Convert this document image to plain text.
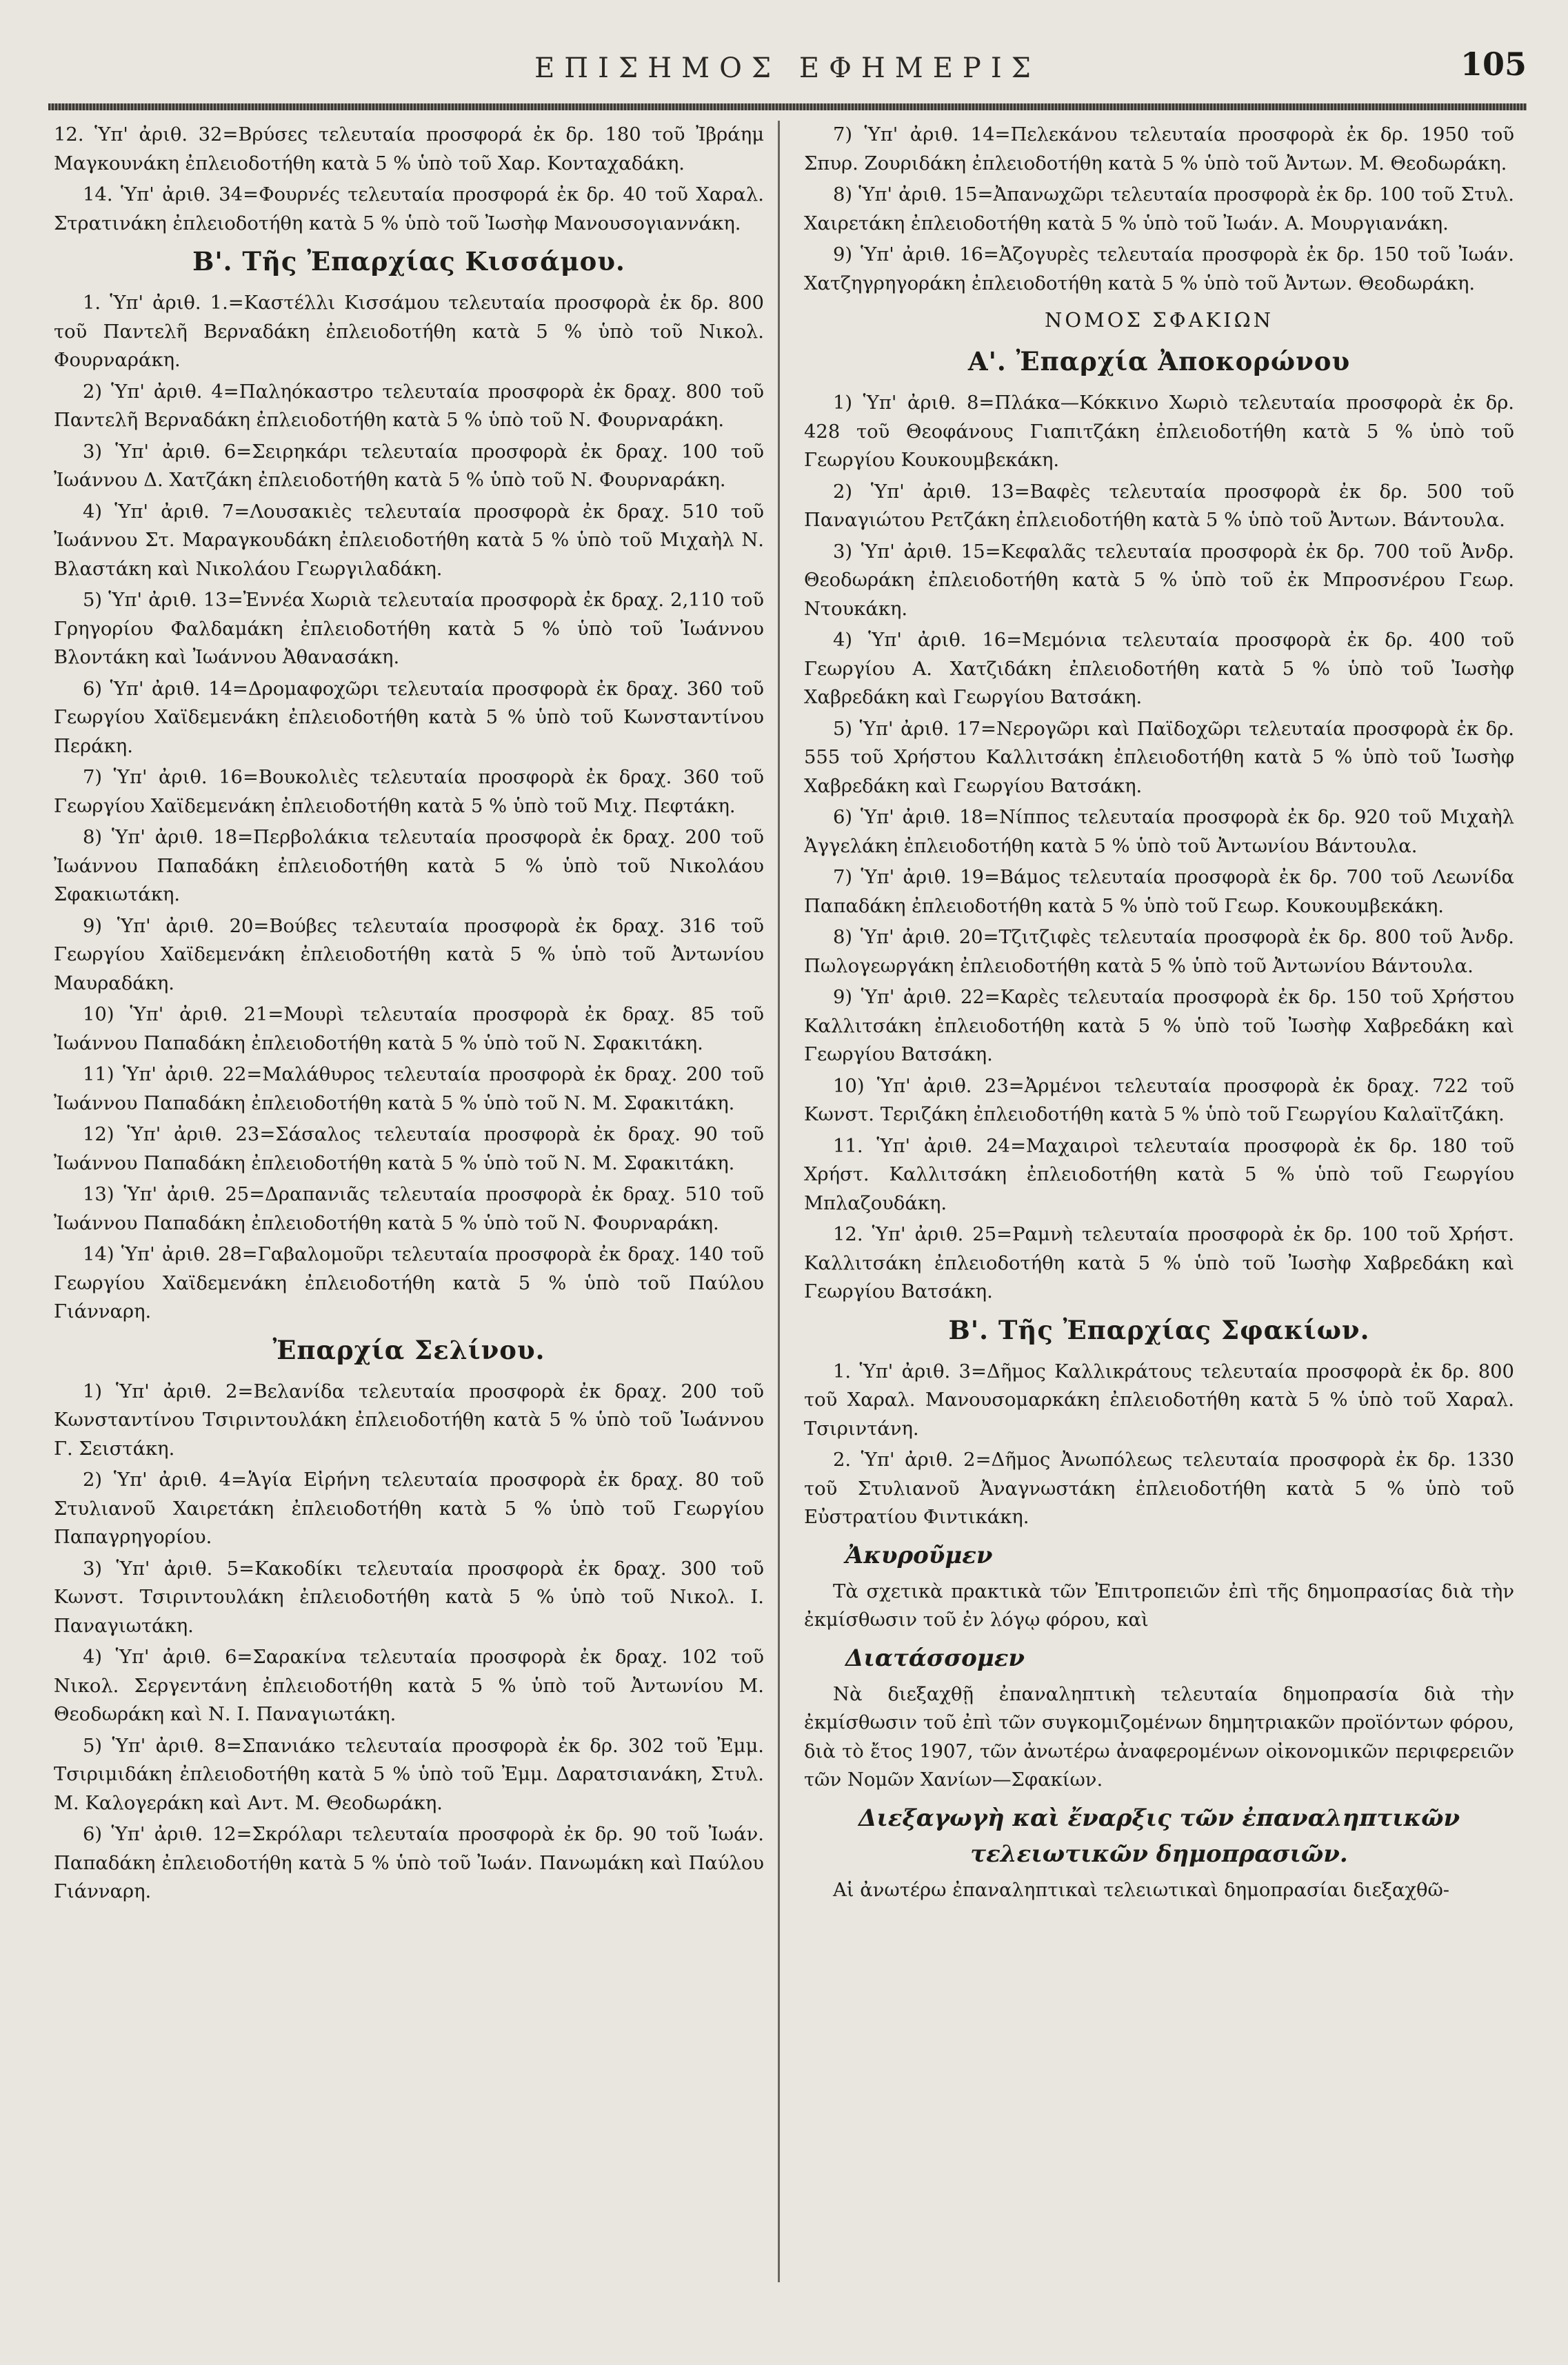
ΕΠΙΣΗΜΟΣ ΕΦΗΜΕΡΙΣ	105

12. Ὑπ' ἀριθ. 32=Βρύσες τελευταία προσφορά ἐκ δρ. 180 τοῦ Ἰβράημ Μαγκουνάκη ἐπλειοδοτήθη κατὰ 5 % ὑπὸ τοῦ Χαρ. Κονταχαδάκη.

14. Ὑπ' ἀριθ. 34=Φουρνές τελευταία προσφορά ἐκ δρ. 40 τοῦ Χαραλ. Στρατινάκη ἐπλειοδοτήθη κατὰ 5 % ὑπὸ τοῦ Ἰωσὴφ Μανουσογιαννάκη.

Β'. Τῆς Ἐπαρχίας Κισσάμου.

1. Ὑπ' ἀριθ. 1.=Καστέλλι Κισσάμου τελευταία προσφορὰ ἐκ δρ. 800 τοῦ Παντελῆ Βερναδάκη ἐπλειοδοτήθη κατὰ 5 % ὑπὸ τοῦ Νικολ. Φουρναράκη.

2) Ὑπ' ἀριθ. 4=Παληόκαστρο τελευταία προσφορὰ ἐκ δραχ. 800 τοῦ Παντελῆ Βερναδάκη ἐπλειοδοτήθη κατὰ 5 % ὑπὸ τοῦ Ν. Φουρναράκη.

3) Ὑπ' ἀριθ. 6=Σειρηκάρι τελευταία προσφορὰ ἐκ δραχ. 100 τοῦ Ἰωάννου Δ. Χατζάκη ἐπλειοδοτήθη κατὰ 5 % ὑπὸ τοῦ Ν. Φουρναράκη.

4) Ὑπ' ἀριθ. 7=Λουσακιὲς τελευταία προσφορὰ ἐκ δραχ. 510 τοῦ Ἰωάννου Στ. Μαραγκουδάκη ἐπλειοδοτήθη κατὰ 5 % ὑπὸ τοῦ Μιχαὴλ Ν. Βλαστάκη καὶ Νικολάου Γεωργιλαδάκη.

5) Ὑπ' ἀριθ. 13=Ἐννέα Χωριὰ τελευταία προσφορὰ ἐκ δραχ. 2,110 τοῦ Γρηγορίου Φαλδαμάκη ἐπλειοδοτήθη κατὰ 5 % ὑπὸ τοῦ Ἰωάννου Βλοντάκη καὶ Ἰωάννου Ἀθανασάκη.

6) Ὑπ' ἀριθ. 14=Δρομαφοχῶρι τελευταία προσφορὰ ἐκ δραχ. 360 τοῦ Γεωργίου Χαϊδεμενάκη ἐπλειοδοτήθη κατὰ 5 % ὑπὸ τοῦ Κωνσταντίνου Περάκη.

7) Ὑπ' ἀριθ. 16=Βουκολιὲς τελευταία προσφορὰ ἐκ δραχ. 360 τοῦ Γεωργίου Χαϊδεμενάκη ἐπλειοδοτήθη κατὰ 5 % ὑπὸ τοῦ Μιχ. Πεφτάκη.

8) Ὑπ' ἀριθ. 18=Περβολάκια τελευταία προσφορὰ ἐκ δραχ. 200 τοῦ Ἰωάννου Παπαδάκη ἐπλειοδοτήθη κατὰ 5 % ὑπὸ τοῦ Νικολάου Σφακιωτάκη.

9) Ὑπ' ἀριθ. 20=Βούβες τελευταία προσφορὰ ἐκ δραχ. 316 τοῦ Γεωργίου Χαϊδεμενάκη ἐπλειοδοτήθη κατὰ 5 % ὑπὸ τοῦ Ἀντωνίου Μαυραδάκη.

10) Ὑπ' ἀριθ. 21=Μουρὶ τελευταία προσφορὰ ἐκ δραχ. 85 τοῦ Ἰωάννου Παπαδάκη ἐπλειοδοτήθη κατὰ 5 % ὑπὸ τοῦ Ν. Σφακιτάκη.

11) Ὑπ' ἀριθ. 22=Μαλάθυρος τελευταία προσφορὰ ἐκ δραχ. 200 τοῦ Ἰωάννου Παπαδάκη ἐπλειοδοτήθη κατὰ 5 % ὑπὸ τοῦ Ν. Μ. Σφακιτάκη.

12) Ὑπ' ἀριθ. 23=Σάσαλος τελευταία προσφορὰ ἐκ δραχ. 90 τοῦ Ἰωάννου Παπαδάκη ἐπλειοδοτήθη κατὰ 5 % ὑπὸ τοῦ Ν. Μ. Σφακιτάκη.

13) Ὑπ' ἀριθ. 25=Δραπανιᾶς τελευταία προσφορὰ ἐκ δραχ. 510 τοῦ Ἰωάννου Παπαδάκη ἐπλειοδοτήθη κατὰ 5 % ὑπὸ τοῦ Ν. Φουρναράκη.

14) Ὑπ' ἀριθ. 28=Γαβαλομοῦρι τελευταία προσφορὰ ἐκ δραχ. 140 τοῦ Γεωργίου Χαϊδεμενάκη ἐπλειοδοτήθη κατὰ 5 % ὑπὸ τοῦ Παύλου Γιάνναρη.

Ἐπαρχία Σελίνου.

1) Ὑπ' ἀριθ. 2=Βελανίδα τελευταία προσφορὰ ἐκ δραχ. 200 τοῦ Κωνσταντίνου Τσιριντουλάκη ἐπλειοδοτήθη κατὰ 5 % ὑπὸ τοῦ Ἰωάννου Γ. Σειστάκη.

2) Ὑπ' ἀριθ. 4=Ἁγία Εἰρήνη τελευταία προσφορὰ ἐκ δραχ. 80 τοῦ Στυλιανοῦ Χαιρετάκη ἐπλειοδοτήθη κατὰ 5 % ὑπὸ τοῦ Γεωργίου Παπαγρηγορίου.

3) Ὑπ' ἀριθ. 5=Κακοδίκι τελευταία προσφορὰ ἐκ δραχ. 300 τοῦ Κωνστ. Τσιριντουλάκη ἐπλειοδοτήθη κατὰ 5 % ὑπὸ τοῦ Νικολ. Ι. Παναγιωτάκη.

4) Ὑπ' ἀριθ. 6=Σαρακίνα τελευταία προσφορὰ ἐκ δραχ. 102 τοῦ Νικολ. Σεργεντάνη ἐπλειοδοτήθη κατὰ 5 % ὑπὸ τοῦ Ἀντωνίου Μ. Θεοδωράκη καὶ Ν. Ι. Παναγιωτάκη.

5) Ὑπ' ἀριθ. 8=Σπανιάκο τελευταία προσφορὰ ἐκ δρ. 302 τοῦ Ἐμμ. Τσιριμιδάκη ἐπλειοδοτήθη κατὰ 5 % ὑπὸ τοῦ Ἐμμ. Δαρατσιανάκη, Στυλ. Μ. Καλογεράκη καὶ Αντ. Μ. Θεοδωράκη.

6) Ὑπ' ἀριθ. 12=Σκρόλαρι τελευταία προσφορὰ ἐκ δρ. 90 τοῦ Ἰωάν. Παπαδάκη ἐπλειοδοτήθη κατὰ 5 % ὑπὸ τοῦ Ἰωάν. Πανωμάκη καὶ Παύλου Γιάνναρη.

7) Ὑπ' ἀριθ. 14=Πελεκάνου τελευταία προσφορὰ ἐκ δρ. 1950 τοῦ Σπυρ. Ζουριδάκη ἐπλειοδοτήθη κατὰ 5 % ὑπὸ τοῦ Ἀντων. Μ. Θεοδωράκη.

8) Ὑπ' ἀριθ. 15=Ἀπανωχῶρι τελευταία προσφορὰ ἐκ δρ. 100 τοῦ Στυλ. Χαιρετάκη ἐπλειοδοτήθη κατὰ 5 % ὑπὸ τοῦ Ἰωάν. Α. Μουργιανάκη.

9) Ὑπ' ἀριθ. 16=Ἀζογυρὲς τελευταία προσφορὰ ἐκ δρ. 150 τοῦ Ἰωάν. Χατζηγρηγοράκη ἐπλειοδοτήθη κατὰ 5 % ὑπὸ τοῦ Ἀντων. Θεοδωράκη.

ΝΟΜΟΣ ΣΦΑΚΙΩΝ
Α'. Ἐπαρχία Ἀποκορώνου

1) Ὑπ' ἀριθ. 8=Πλάκα—Κόκκινο Χωριὸ τελευταία προσφορὰ ἐκ δρ. 428 τοῦ Θεοφάνους Γιαπιτζάκη ἐπλειοδοτήθη κατὰ 5 % ὑπὸ τοῦ Γεωργίου Κουκουμβεκάκη.

2) Ὑπ' ἀριθ. 13=Βαφὲς τελευταία προσφορὰ ἐκ δρ. 500 τοῦ Παναγιώτου Ρετζάκη ἐπλειοδοτήθη κατὰ 5 % ὑπὸ τοῦ Ἀντων. Βάντουλα.

3) Ὑπ' ἀριθ. 15=Κεφαλᾶς τελευταία προσφορὰ ἐκ δρ. 700 τοῦ Ἀνδρ. Θεοδωράκη ἐπλειοδοτήθη κατὰ 5 % ὑπὸ τοῦ ἐκ Μπροσνέρου Γεωρ. Ντουκάκη.

4) Ὑπ' ἀριθ. 16=Μεμόνια τελευταία προσφορὰ ἐκ δρ. 400 τοῦ Γεωργίου Α. Χατζιδάκη ἐπλειοδοτήθη κατὰ 5 % ὑπὸ τοῦ Ἰωσὴφ Χαβρεδάκη καὶ Γεωργίου Βατσάκη.

5) Ὑπ' ἀριθ. 17=Νερογῶρι καὶ Παϊδοχῶρι τελευταία προσφορὰ ἐκ δρ. 555 τοῦ Χρήστου Καλλιτσάκη ἐπλειοδοτήθη κατὰ 5 % ὑπὸ τοῦ Ἰωσὴφ Χαβρεδάκη καὶ Γεωργίου Βατσάκη.

6) Ὑπ' ἀριθ. 18=Νίππος τελευταία προσφορὰ ἐκ δρ. 920 τοῦ Μιχαὴλ Ἀγγελάκη ἐπλειοδοτήθη κατὰ 5 % ὑπὸ τοῦ Ἀντωνίου Βάντουλα.

7) Ὑπ' ἀριθ. 19=Βάμος τελευταία προσφορὰ ἐκ δρ. 700 τοῦ Λεωνίδα Παπαδάκη ἐπλειοδοτήθη κατὰ 5 % ὑπὸ τοῦ Γεωρ. Κουκουμβεκάκη.

8) Ὑπ' ἀριθ. 20=Τζιτζιφὲς τελευταία προσφορὰ ἐκ δρ. 800 τοῦ Ἀνδρ. Πωλογεωργάκη ἐπλειοδοτήθη κατὰ 5 % ὑπὸ τοῦ Ἀντωνίου Βάντουλα.

9) Ὑπ' ἀριθ. 22=Καρὲς τελευταία προσφορὰ ἐκ δρ. 150 τοῦ Χρήστου Καλλιτσάκη ἐπλειοδοτήθη κατὰ 5 % ὑπὸ τοῦ Ἰωσὴφ Χαβρεδάκη καὶ Γεωργίου Βατσάκη.

10) Ὑπ' ἀριθ. 23=Ἀρμένοι τελευταία προσφορὰ ἐκ δραχ. 722 τοῦ Κωνστ. Τεριζάκη ἐπλειοδοτήθη κατὰ 5 % ὑπὸ τοῦ Γεωργίου Καλαϊτζάκη.

11. Ὑπ' ἀριθ. 24=Μαχαιροὶ τελευταία προσφορὰ ἐκ δρ. 180 τοῦ Χρήστ. Καλλιτσάκη ἐπλειοδοτήθη κατὰ 5 % ὑπὸ τοῦ Γεωργίου Μπλαζουδάκη.

12. Ὑπ' ἀριθ. 25=Ραμνὴ τελευταία προσφορὰ ἐκ δρ. 100 τοῦ Χρήστ. Καλλιτσάκη ἐπλειοδοτήθη κατὰ 5 % ὑπὸ τοῦ Ἰωσὴφ Χαβρεδάκη καὶ Γεωργίου Βατσάκη.

Β'. Τῆς Ἐπαρχίας Σφακίων.

1. Ὑπ' ἀριθ. 3=Δῆμος Καλλικράτους τελευταία προσφορὰ ἐκ δρ. 800 τοῦ Χαραλ. Μανουσομαρκάκη ἐπλειοδοτήθη κατὰ 5 % ὑπὸ τοῦ Χαραλ. Τσιριντάνη.

2. Ὑπ' ἀριθ. 2=Δῆμος Ἀνωπόλεως τελευταία προσφορὰ ἐκ δρ. 1330 τοῦ Στυλιανοῦ Ἀναγνωστάκη ἐπλειοδοτήθη κατὰ 5 % ὑπὸ τοῦ Εὐστρατίου Φιντικάκη.

Ἀκυροῦμεν

Τὰ σχετικὰ πρακτικὰ τῶν Ἐπιτροπειῶν ἐπὶ τῆς δημοπρασίας διὰ τὴν ἐκμίσθωσιν τοῦ ἐν λόγῳ φόρου, καὶ

Διατάσσομεν

Νὰ διεξαχθῇ ἐπαναληπτικὴ τελευταία δημοπρασία διὰ τὴν ἐκμίσθωσιν τοῦ ἐπὶ τῶν συγκομιζομένων δημητριακῶν προϊόντων φόρου, διὰ τὸ ἔτος 1907, τῶν ἀνωτέρω ἀναφερομένων οἰκονομικῶν περιφερειῶν τῶν Νομῶν Χανίων—Σφακίων.

Διεξαγωγὴ καὶ ἔναρξις τῶν ἐπαναληπτικῶν τελειωτικῶν δημοπρασιῶν.

Αἱ ἀνωτέρω ἐπαναληπτικαὶ τελειωτικαὶ δημοπρασίαι διεξαχθῶ-
